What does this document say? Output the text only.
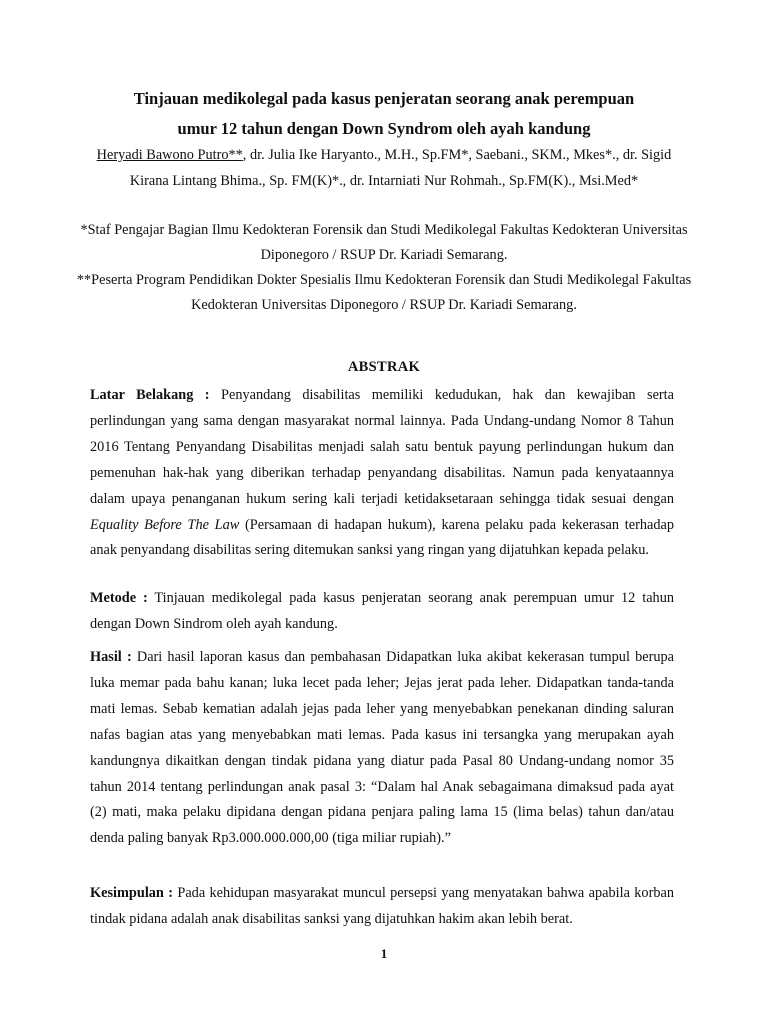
Tinjauan medikolegal pada kasus penjeratan seorang anak perempuan
umur 12 tahun dengan Down Syndrom oleh ayah kandung
Heryadi Bawono Putro**, dr. Julia Ike Haryanto., M.H., Sp.FM*, Saebani., SKM., Mkes*., dr. Sigid Kirana Lintang Bhima., Sp. FM(K)*., dr. Intarniati Nur Rohmah., Sp.FM(K)., Msi.Med*

*Staf Pengajar Bagian Ilmu Kedokteran Forensik dan Studi Medikolegal Fakultas Kedokteran Universitas Diponegoro / RSUP Dr. Kariadi Semarang.

**Peserta Program Pendidikan Dokter Spesialis Ilmu Kedokteran Forensik dan Studi Medikolegal Fakultas Kedokteran Universitas Diponegoro / RSUP Dr. Kariadi Semarang.

ABSTRAK

Latar Belakang : Penyandang disabilitas memiliki kedudukan, hak dan kewajiban serta perlindungan yang sama dengan masyarakat normal lainnya. Pada Undang-undang Nomor 8 Tahun 2016 Tentang Penyandang Disabilitas menjadi salah satu bentuk payung perlindungan hukum dan pemenuhan hak-hak yang diberikan terhadap penyandang disabilitas. Namun pada kenyataannya dalam upaya penanganan hukum sering kali terjadi ketidaksetaraan sehingga tidak sesuai dengan Equality Before The Law (Persamaan di hadapan hukum), karena pelaku pada kekerasan terhadap anak penyandang disabilitas sering ditemukan sanksi yang ringan yang dijatuhkan kepada pelaku.

Metode : Tinjauan medikolegal pada kasus penjeratan seorang anak perempuan umur 12 tahun dengan Down Sindrom oleh ayah kandung.

Hasil : Dari hasil laporan kasus dan pembahasan Didapatkan luka akibat kekerasan tumpul berupa luka memar pada bahu kanan; luka lecet pada leher; Jejas jerat pada leher. Didapatkan tanda-tanda mati lemas. Sebab kematian adalah jejas pada leher yang menyebabkan penekanan dinding saluran nafas bagian atas yang menyebabkan mati lemas. Pada kasus ini tersangka yang merupakan ayah kandungnya dikaitkan dengan tindak pidana yang diatur pada Pasal 80 Undang-undang nomor 35 tahun 2014 tentang perlindungan anak pasal 3: “Dalam hal Anak sebagaimana dimaksud pada ayat (2) mati, maka pelaku dipidana dengan pidana penjara paling lama 15 (lima belas) tahun dan/atau denda paling banyak Rp3.000.000.000,00 (tiga miliar rupiah).”

Kesimpulan : Pada kehidupan masyarakat muncul persepsi yang menyatakan bahwa apabila korban tindak pidana adalah anak disabilitas sanksi yang dijatuhkan hakim akan lebih berat.

1
